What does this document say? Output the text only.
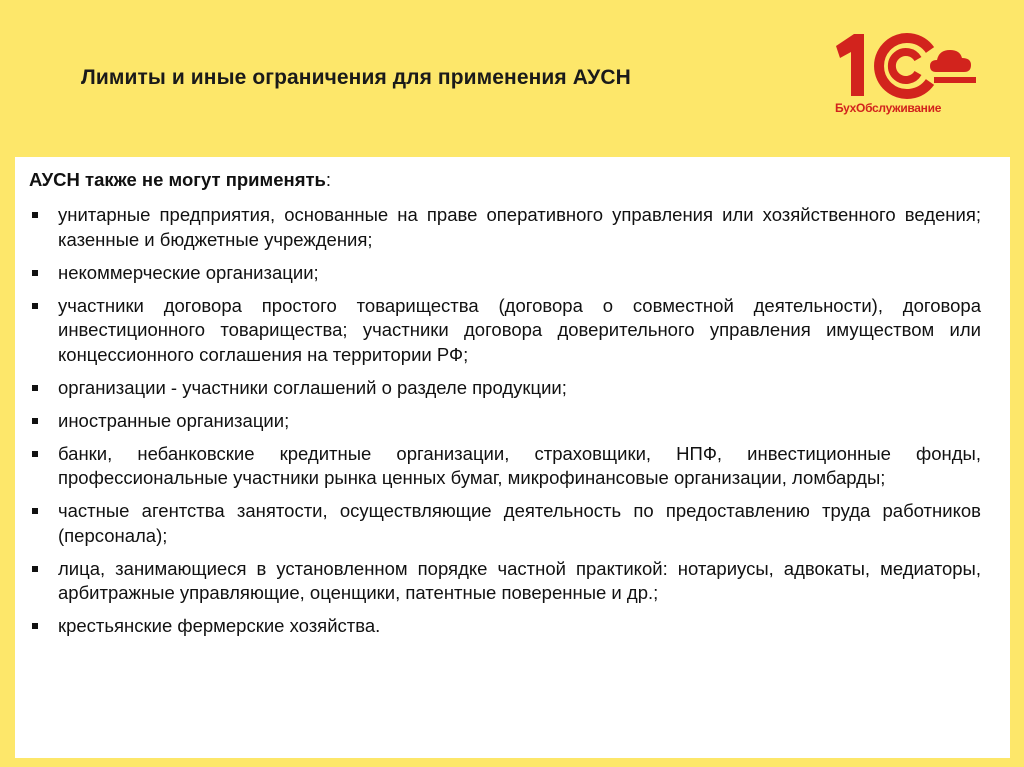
Лимиты и иные ограничения для применения АУСН
БухОбслуживание
АУСН также не могут применять:
унитарные предприятия, основанные на праве оперативного управления или хозяйственного ведения; казенные и бюджетные учреждения;
некоммерческие организации;
участники договора простого товарищества (договора о совместной деятельности), договора инвестиционного товарищества; участники договора доверительного управления имуществом или концессионного соглашения на территории РФ;
организации - участники соглашений о разделе продукции;
иностранные организации;
банки, небанковские кредитные организации, страховщики, НПФ, инвестиционные фонды, профессиональные участники рынка ценных бумаг, микрофинансовые организации, ломбарды;
частные агентства занятости, осуществляющие деятельность по предоставлению труда работников (персонала);
лица, занимающиеся в установленном порядке частной практикой: нотариусы, адвокаты, медиаторы, арбитражные управляющие, оценщики, патентные поверенные и др.;
крестьянские фермерские хозяйства.
